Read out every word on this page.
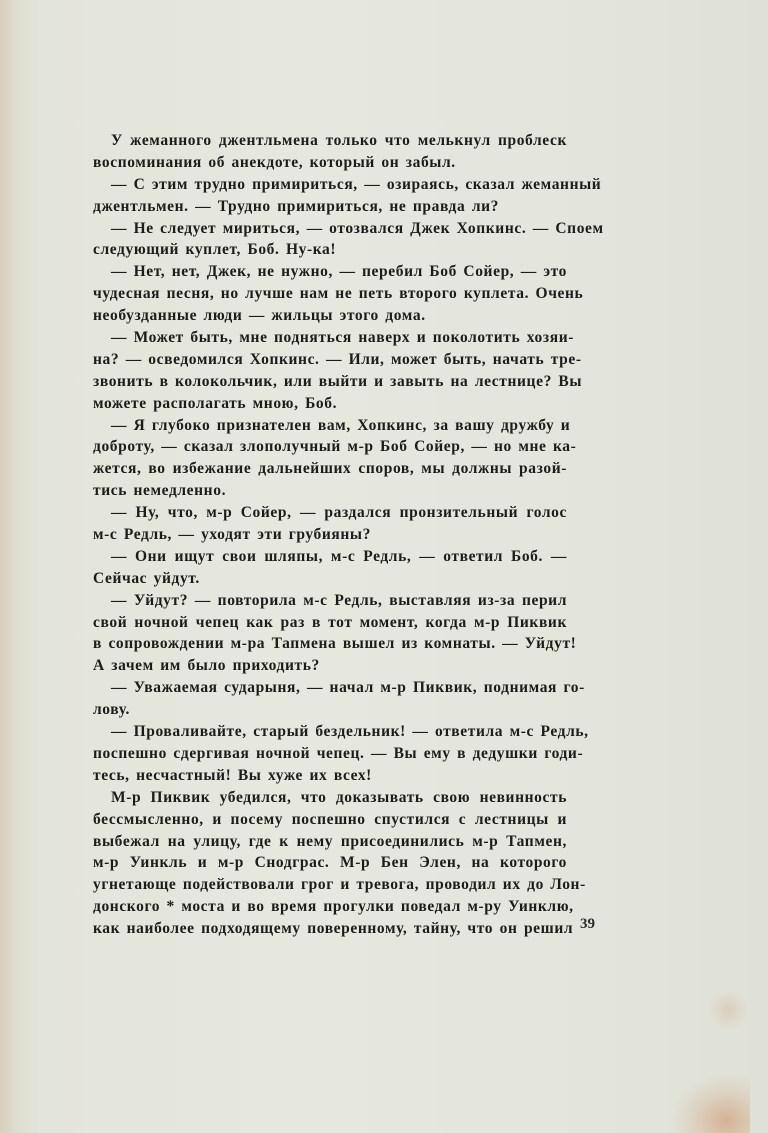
У жеманного джентльмена только что мелькнул проблеск
воспоминания об анекдоте, который он забыл.
— С этим трудно примириться, — озираясь, сказал жеманный
джентльмен. — Трудно примириться, не правда ли?
— Не следует мириться, — отозвался Джек Хопкинс. — Споем
следующий куплет, Боб. Ну-ка!
— Нет, нет, Джек, не нужно, — перебил Боб Сойер, — это
чудесная песня, но лучше нам не петь второго куплета. Очень
необузданные люди — жильцы этого дома.
— Может быть, мне подняться наверх и поколотить хозяи-
на? — осведомился Хопкинс. — Или, может быть, начать тре-
звонить в колокольчик, или выйти и завыть на лестнице? Вы
можете располагать мною, Боб.
— Я глубоко признателен вам, Хопкинс, за вашу дружбу и
доброту, — сказал злополучный м-р Боб Сойер, — но мне ка-
жется, во избежание дальнейших споров, мы должны разой-
тись немедленно.
— Ну, что, м-р Сойер, — раздался пронзительный голос
м-с Редль, — уходят эти грубияны?
— Они ищут свои шляпы, м-с Редль, — ответил Боб. —
Сейчас уйдут.
— Уйдут? — повторила м-с Редль, выставляя из-за перил
свой ночной чепец как раз в тот момент, когда м-р Пиквик
в сопровождении м-ра Тапмена вышел из комнаты. — Уйдут!
А зачем им было приходить?
— Уважаемая сударыня, — начал м-р Пиквик, поднимая го-
лову.
— Проваливайте, старый бездельник! — ответила м-с Редль,
поспешно сдергивая ночной чепец. — Вы ему в дедушки годи-
тесь, несчастный! Вы хуже их всех!
М-р Пиквик убедился, что доказывать свою невинность
бессмысленно, и посему поспешно спустился с лестницы и
выбежал на улицу, где к нему присоединились м-р Тапмен,
м-р Уинкль и м-р Снодграс. М-р Бен Элен, на которого
угнетающе подействовали грог и тревога, проводил их до Лон-
донского * моста и во время прогулки поведал м-ру Уинклю,
как наиболее подходящему поверенному, тайну, что он решил 39
